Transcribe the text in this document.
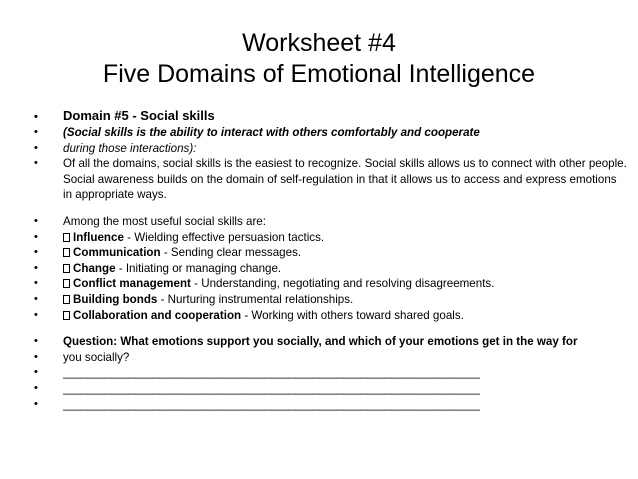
Worksheet #4
Five Domains of Emotional Intelligence
• Domain #5 - Social skills
• (Social skills is the ability to interact with others comfortably and cooperate
• during those interactions):
• Of all the domains, social skills is the easiest to recognize. Social skills allows us to connect with other people. Social awareness builds on the domain of self-regulation in that it allows us to access and express emotions in appropriate ways.
• Among the most useful social skills are:
•	Influence - Wielding effective persuasion tactics.
•	Communication - Sending clear messages.
•	Change - Initiating or managing change.
•	Conflict management - Understanding, negotiating and resolving disagreements.
•	Building bonds - Nurturing instrumental relationships.
•	Collaboration and cooperation - Working with others toward shared goals.
• Question: What emotions support you socially, and which of your emotions get in the way for
• you socially?
• ______________________________________________________________________
• ______________________________________________________________________
• ______________________________________________________________________
